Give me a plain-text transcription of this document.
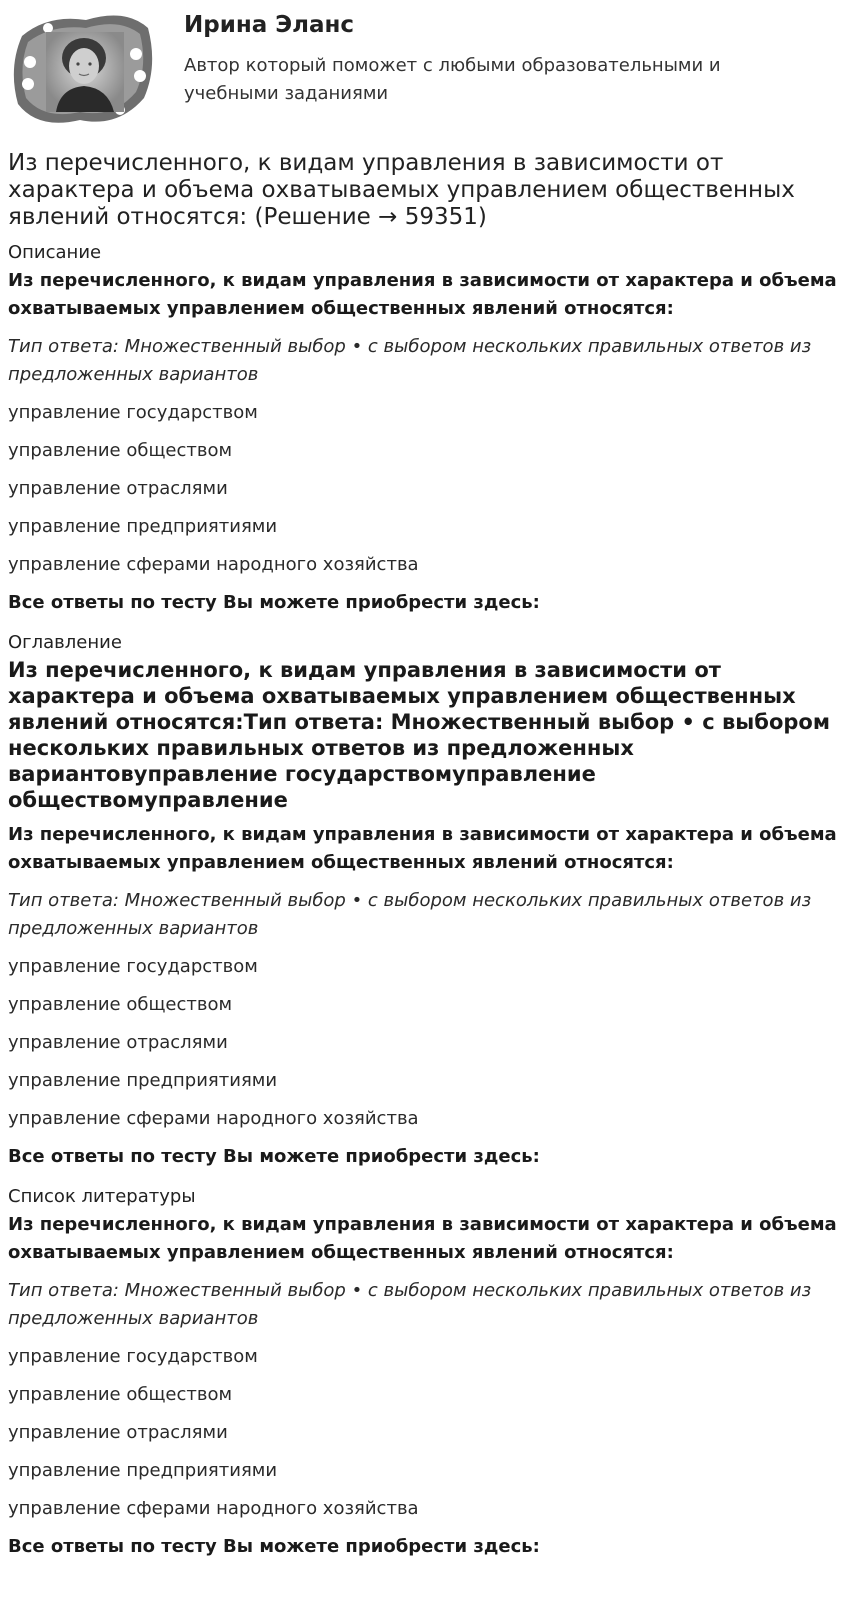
Ирина Эланс
Автор который поможет с любыми образовательными и учебными заданиями
Из перечисленного, к видам управления в зависимости от характера и объема охватываемых управлением общественных явлений относятся: (Решение → 59351)
Описание
Из перечисленного, к видам управления в зависимости от характера и объема охватываемых управлением общественных явлений относятся:
Тип ответа: Множественный выбор • с выбором нескольких правильных ответов из предложенных вариантов
управление государством
управление обществом
управление отраслями
управление предприятиями
управление сферами народного хозяйства
Все ответы по тесту Вы можете приобрести здесь:
Оглавление
Из перечисленного, к видам управления в зависимости от характера и объема охватываемых управлением общественных явлений относятся:Тип ответа: Множественный выбор • с выбором нескольких правильных ответов из предложенных вариантовуправление государствомуправление обществомуправление
Из перечисленного, к видам управления в зависимости от характера и объема охватываемых управлением общественных явлений относятся:
Тип ответа: Множественный выбор • с выбором нескольких правильных ответов из предложенных вариантов
управление государством
управление обществом
управление отраслями
управление предприятиями
управление сферами народного хозяйства
Все ответы по тесту Вы можете приобрести здесь:
Список литературы
Из перечисленного, к видам управления в зависимости от характера и объема охватываемых управлением общественных явлений относятся:
Тип ответа: Множественный выбор • с выбором нескольких правильных ответов из предложенных вариантов
управление государством
управление обществом
управление отраслями
управление предприятиями
управление сферами народного хозяйства
Все ответы по тесту Вы можете приобрести здесь:
